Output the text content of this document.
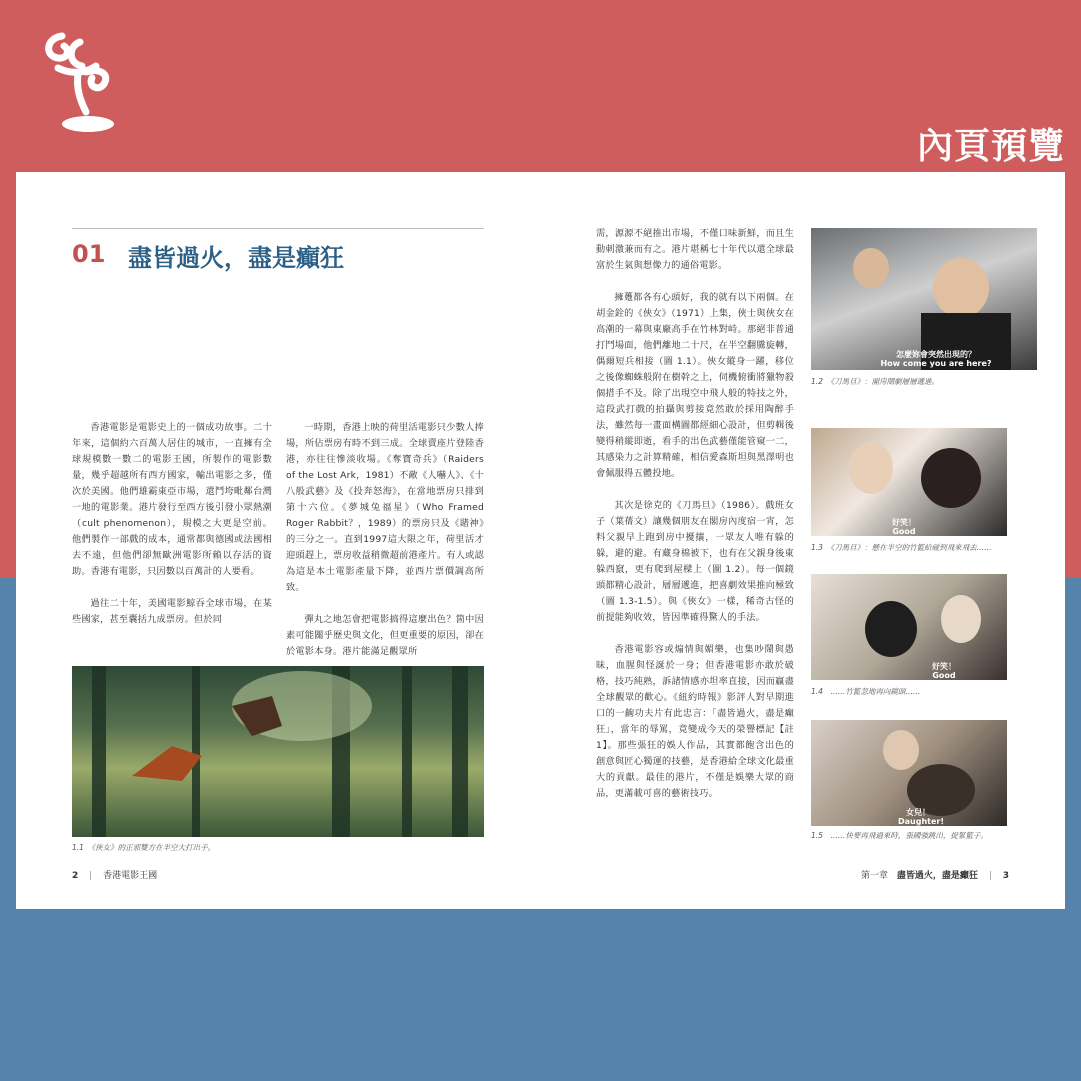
內頁預覽
01 盡皆過火，盡是癲狂

香港電影是電影史上的一個成功故事。二十年來，這個約六百萬人居住的城市，一直擁有全球規模數一數二的電影王國，所製作的電影數量，幾乎超越所有西方國家，輸出電影之多，僅次於美國。他們雄霸東亞市場，還鬥垮毗鄰台灣一地的電影業。港片發行至西方後引發小眾熱潮（cult phenomenon），規模之大更是空前。他們製作一部戲的成本，通常都與德國或法國相去不遠，但他們卻無歐洲電影所賴以存活的資助。香港有電影，只因數以百萬計的人要看。

過往二十年，美國電影鯨吞全球市場，在某些國家，甚至囊括九成票房。但於同

一時期，香港上映的荷里活電影只少數人捧場，所佔票房有時不到三成。全球賣座片登陸香港，亦往往慘淡收場。《奪寶奇兵》（Raiders of the Lost Ark，1981）不敵《人嚇人》、《十八般武藝》及《投奔怒海》，在當地票房只排到第十六位。《夢城兔福星》（Who Framed Roger Rabbit？，1989）的票房只及《賭神》的三分之一。直到1997這大限之年，荷里活才迎頭趕上，票房收益稍微超前港產片。有人或認為這是本土電影產量下降，並西片票價調高所致。

彈丸之地怎會把電影搞得這麼出色？箇中因素可能關乎歷史與文化，但更重要的原因，卻在於電影本身。港片能滿足觀眾所

1.1　《俠女》的正邪雙方在半空大打出手。

需，源源不絕推出市場，不僅口味新鮮，而且生動刺激兼而有之。港片堪稱七十年代以還全球最富於生氣與想像力的通俗電影。

擁躉都各有心頭好，我的就有以下兩個。在胡金銓的《俠女》（1971）上集，俠士與俠女在高潮的一幕與東廠高手在竹林對峙。那絕非普通打鬥場面，他們離地二十尺，在半空翻騰旋轉，偶爾短兵相接（圖 1.1）。俠女縱身一躍，移位之後像蜘蛛般附在樹幹之上，伺機俯衝將獵物殺個措手不及。除了出現空中飛人般的特技之外，這段武打戲的拍攝與剪接竟然敢於採用陶醉手法，雖然每一畫面構圖都經細心設計，但剪輯後變得稍縱即逝，看手的出色武藝僅能管窺一二，其感染力之計算精確，相信愛森斯坦與黑澤明也會佩服得五體投地。

其次是徐克的《刀馬旦》（1986）。戲班女子（葉蒨文）讓幾個朋友在閣房內度宿一宵，怎料父親早上跑到房中擾攘，一眾友人唯有躲的躲，避的避。有藏身棉被下，也有在父親身後東躲西竄，更有爬到屋樑上（圖 1.2）。每一個鏡頭都精心設計，層層遞進，把喜劇效果推向極致（圖 1.3-1.5）。與《俠女》一樣，稀奇古怪的前提能夠收效，皆因準確得驚人的手法。

香港電影容或煽情與媚樂，也集吵鬧與愚昧，血腥與怪誕於一身；但香港電影亦敢於破格，技巧純熟，訴諸情感亦坦率直接，因而贏盡全球觀眾的歡心。《紐約時報》影評人對早期進口的一齣功夫片有此忠言：「盡皆過火，盡是癲狂」，當年的辱罵，竟變成今天的榮譽標記【註1】。那些張狂的娛人作品，其實都飽含出色的創意與匠心獨運的技藝，是香港給全球文化最重大的貢獻。最佳的港片，不僅是娛樂大眾的商品，更滿載可喜的藝術技巧。

怎麼妳會突然出現的？
How come you are here?
1.2　《刀馬旦》：閣房鬧劇層層遞進。
好笑！
Good shot!
1.3　《刀馬旦》：懸在半空的竹籃給碰到飛來飛去……
好笑！
Good shot!
1.4　……竹籃忽地再向鏡頭……
女兒！
Daughter!
1.5　……快要再飛過來時，張國強跳出，捉緊籃子。
2 | 香港電影王國	第一章 盡皆過火，盡是癲狂 | 3
